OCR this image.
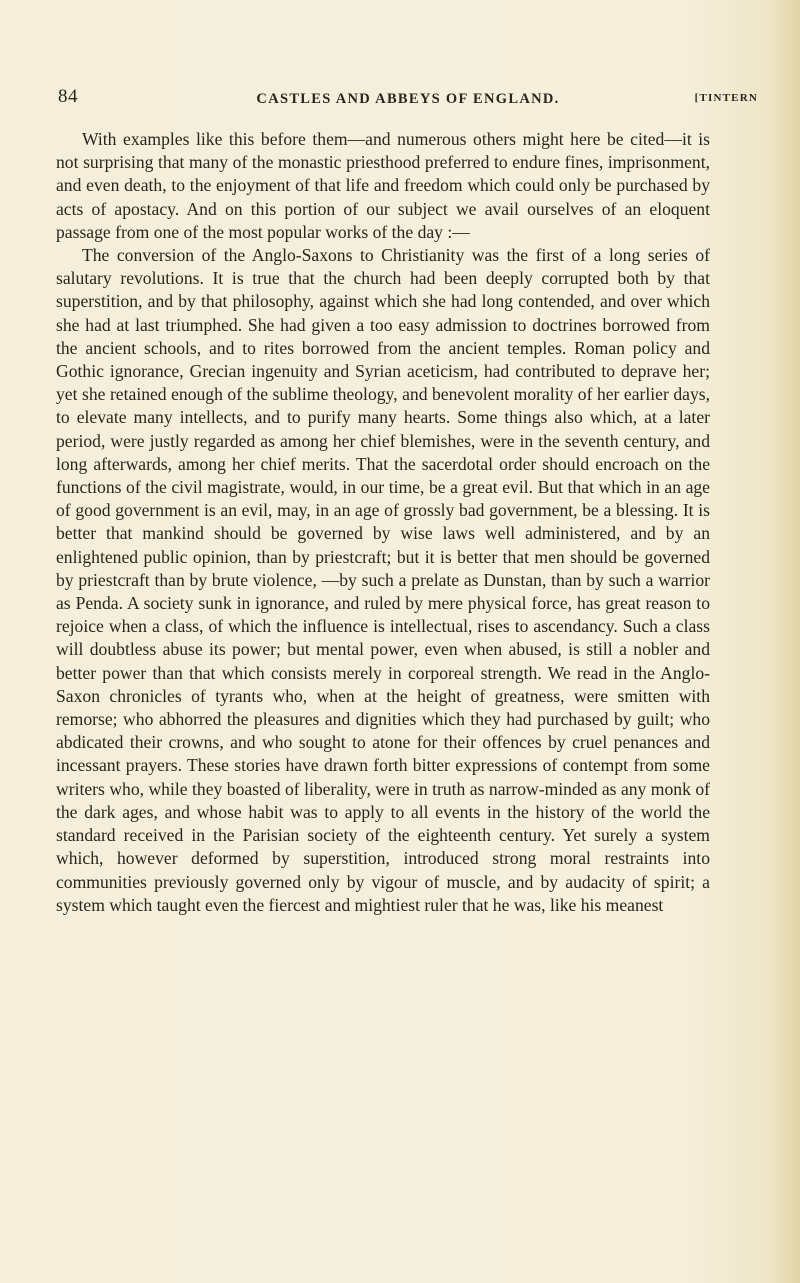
84	CASTLES AND ABBEYS OF ENGLAND.	[TINTERN

With examples like this before them—and numerous others might here be cited—it is not surprising that many of the monastic priesthood preferred to endure fines, imprisonment, and even death, to the enjoyment of that life and freedom which could only be purchased by acts of apostacy. And on this portion of our subject we avail ourselves of an eloquent passage from one of the most popular works of the day :—

The conversion of the Anglo-Saxons to Christianity was the first of a long series of salutary revolutions. It is true that the church had been deeply corrupted both by that superstition, and by that philosophy, against which she had long contended, and over which she had at last triumphed. She had given a too easy admission to doctrines borrowed from the ancient schools, and to rites borrowed from the ancient temples. Roman policy and Gothic ignorance, Grecian ingenuity and Syrian aceticism, had contributed to deprave her; yet she retained enough of the sublime theology, and benevolent morality of her earlier days, to elevate many intellects, and to purify many hearts. Some things also which, at a later period, were justly regarded as among her chief blemishes, were in the seventh century, and long afterwards, among her chief merits. That the sacerdotal order should encroach on the functions of the civil magistrate, would, in our time, be a great evil. But that which in an age of good government is an evil, may, in an age of grossly bad government, be a blessing. It is better that mankind should be governed by wise laws well administered, and by an enlightened public opinion, than by priestcraft; but it is better that men should be governed by priestcraft than by brute violence, —by such a prelate as Dunstan, than by such a warrior as Penda. A society sunk in ignorance, and ruled by mere physical force, has great reason to rejoice when a class, of which the influence is intellectual, rises to ascendancy. Such a class will doubtless abuse its power; but mental power, even when abused, is still a nobler and better power than that which consists merely in corporeal strength. We read in the Anglo-Saxon chronicles of tyrants who, when at the height of greatness, were smitten with remorse; who abhorred the pleasures and dignities which they had purchased by guilt; who abdicated their crowns, and who sought to atone for their offences by cruel penances and incessant prayers. These stories have drawn forth bitter expressions of contempt from some writers who, while they boasted of liberality, were in truth as narrow-minded as any monk of the dark ages, and whose habit was to apply to all events in the history of the world the standard received in the Parisian society of the eighteenth century. Yet surely a system which, however deformed by superstition, introduced strong moral restraints into communities previously governed only by vigour of muscle, and by audacity of spirit; a system which taught even the fiercest and mightiest ruler that he was, like his meanest
